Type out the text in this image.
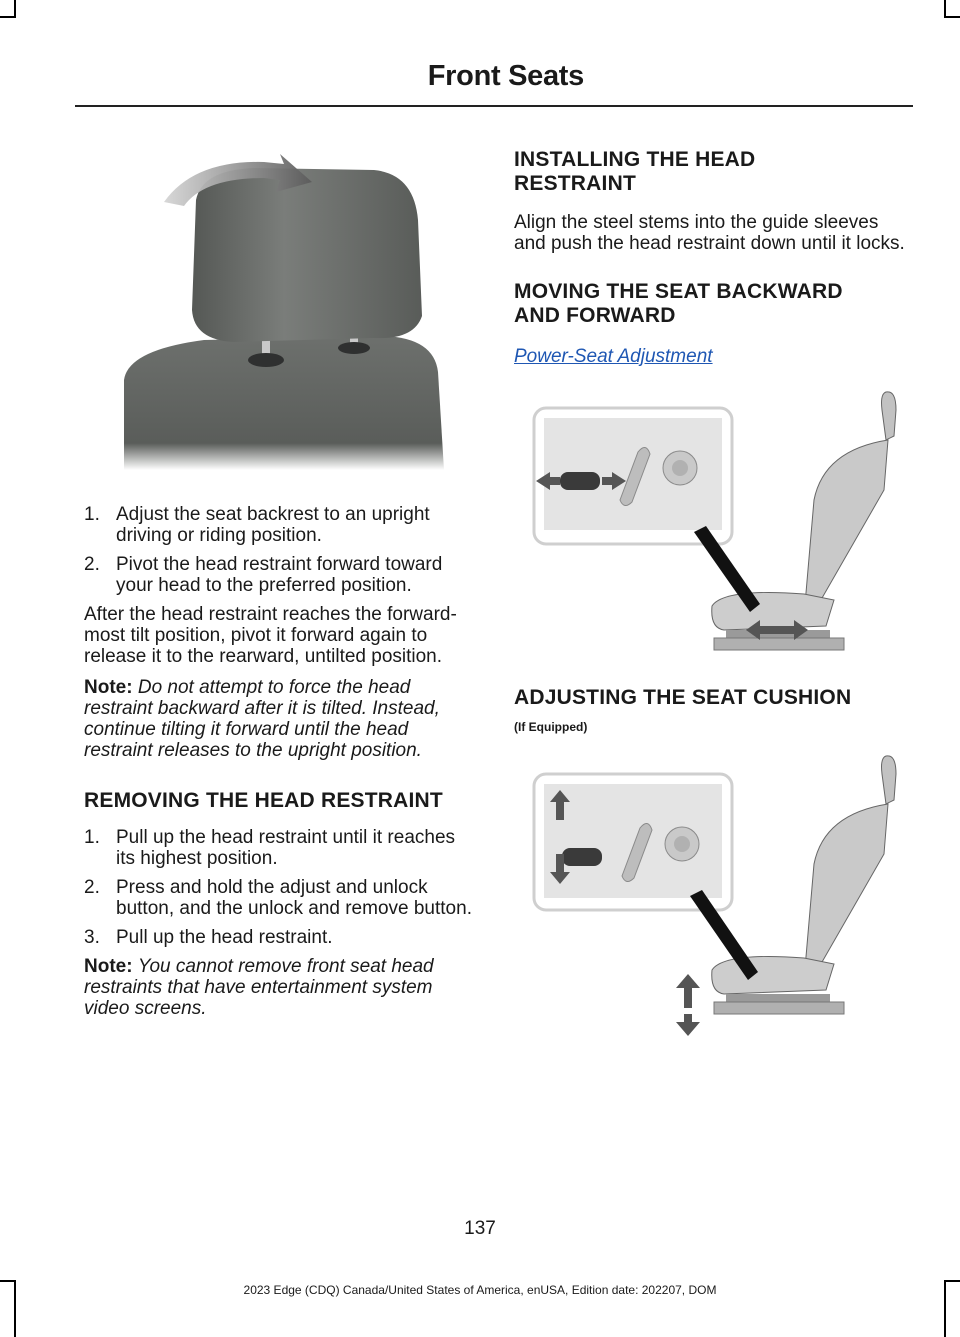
Front Seats
1. Adjust the seat backrest to an upright driving or riding position.
2. Pivot the head restraint forward toward your head to the preferred position.

After the head restraint reaches the forward-most tilt position, pivot it forward again to release it to the rearward, untilted position.

Note: Do not attempt to force the head restraint backward after it is tilted. Instead, continue tilting it forward until the head restraint releases to the upright position.

REMOVING THE HEAD RESTRAINT
1. Pull up the head restraint until it reaches its highest position.
2. Press and hold the adjust and unlock button, and the unlock and remove button.
3. Pull up the head restraint.

Note: You cannot remove front seat head restraints that have entertainment system video screens.

INSTALLING THE HEAD RESTRAINT

Align the steel stems into the guide sleeves and push the head restraint down until it locks.

MOVING THE SEAT BACKWARD AND FORWARD
Power-Seat Adjustment
ADJUSTING THE SEAT CUSHION
(If Equipped)
137
2023 Edge (CDQ) Canada/United States of America, enUSA, Edition date: 202207, DOM
